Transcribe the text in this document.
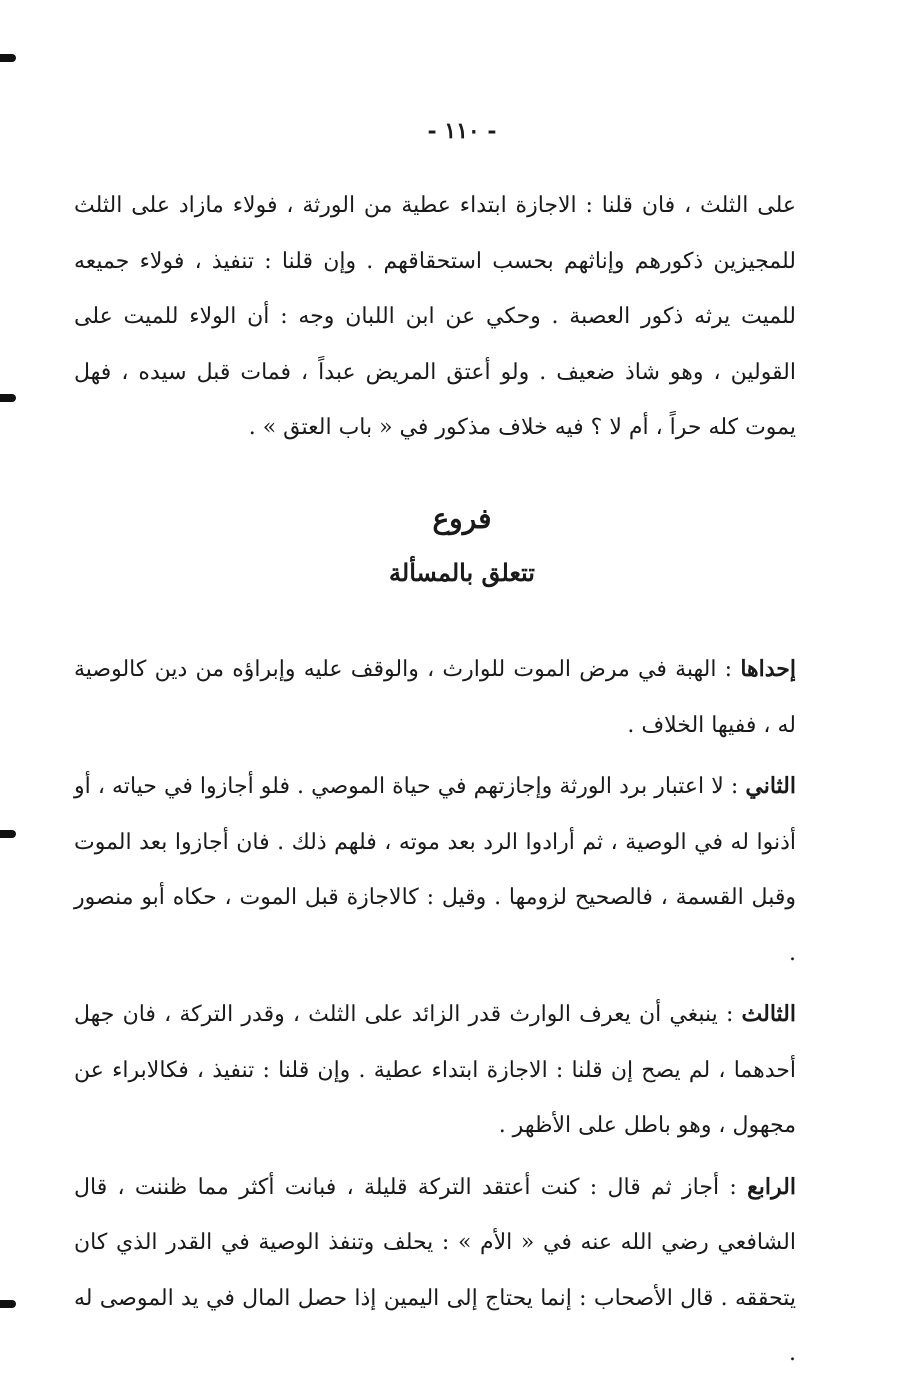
- ١١٠ -

على الثلث ، فان قلنا : الاجازة ابتداء عطية من الورثة ، فولاء مازاد على الثلث للمجيزين ذكورهم وإناثهم بحسب استحقاقهم . وإن قلنا : تنفيذ ، فولاء جميعه للميت يرثه ذكور العصبة . وحكي عن ابن اللبان وجه : أن الولاء للميت على القولين ، وهو شاذ ضعيف . ولو أعتق المريض عبداً ، فمات قبل سيده ، فهل يموت كله حراً ، أم لا ؟ فيه خلاف مذكور في « باب العتق » .

فروع
تتعلق بالمسألة

إحداها : الهبة في مرض الموت للوارث ، والوقف عليه وإبراؤه من دين كالوصية له ، ففيها الخلاف .

الثاني : لا اعتبار برد الورثة وإجازتهم في حياة الموصي . فلو أجازوا في حياته ، أو أذنوا له في الوصية ، ثم أرادوا الرد بعد موته ، فلهم ذلك . فان أجازوا بعد الموت وقبل القسمة ، فالصحيح لزومها . وقيل : كالاجازة قبل الموت ، حكاه أبو منصور .

الثالث : ينبغي أن يعرف الوارث قدر الزائد على الثلث ، وقدر التركة ، فان جهل أحدهما ، لم يصح إن قلنا : الاجازة ابتداء عطية . وإن قلنا : تنفيذ ، فكالابراء عن مجهول ، وهو باطل على الأظهر .

الرابع : أجاز ثم قال : كنت أعتقد التركة قليلة ، فبانت أكثر مما ظننت ، قال الشافعي رضي الله عنه في « الأم » : يحلف وتنفذ الوصية في القدر الذي كان يتحققه . قال الأصحاب : إنما يحتاج إلى اليمين إذا حصل المال في يد الموصى له .
